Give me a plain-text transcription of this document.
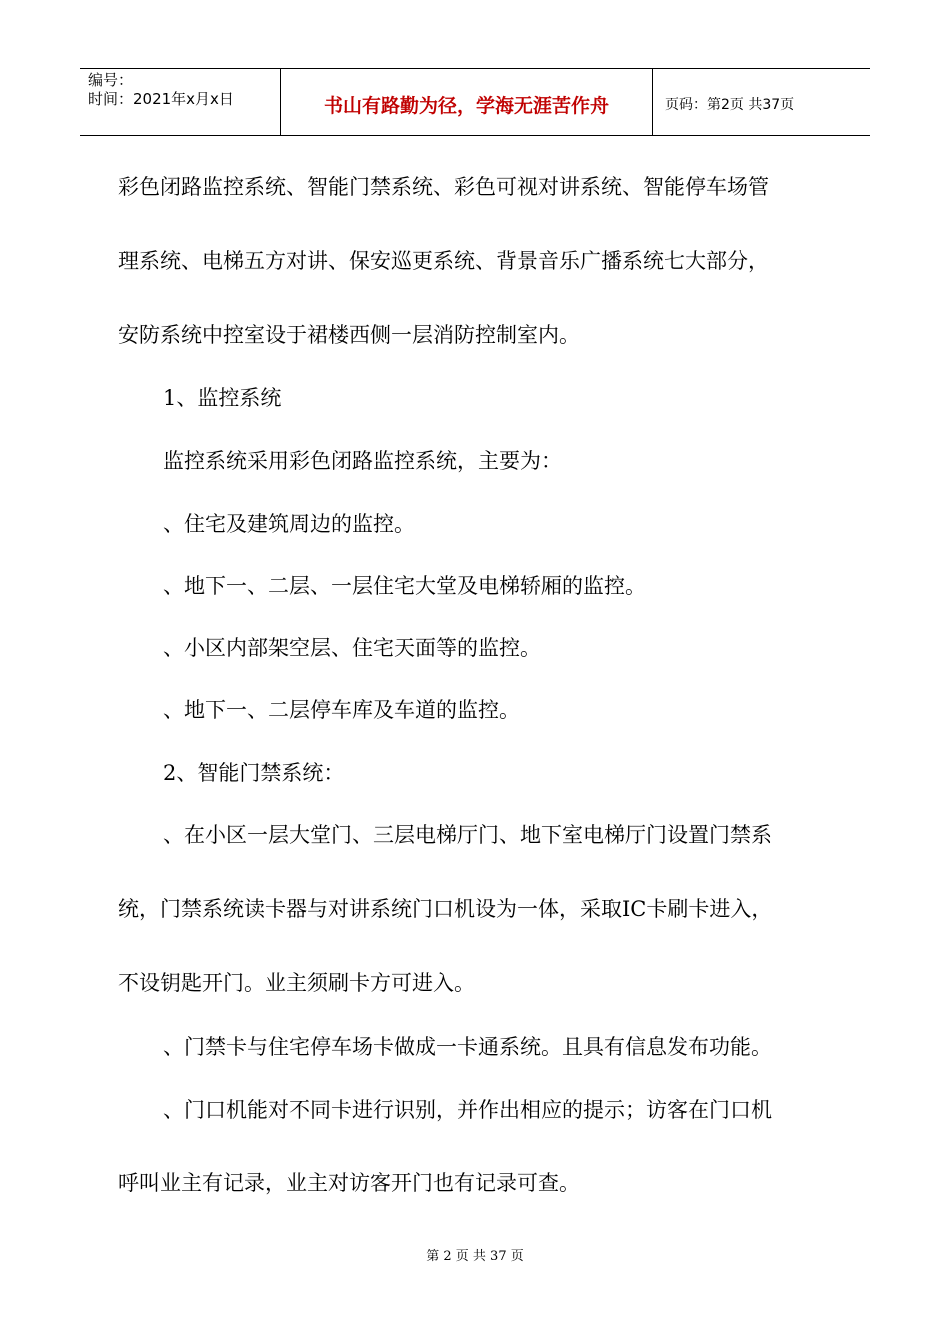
编号：
时间：2021年x月x日	书山有路勤为径，学海无涯苦作舟	页码：第2页 共37页
彩色闭路监控系统、智能门禁系统、彩色可视对讲系统、智能停车场管
理系统、电梯五方对讲、保安巡更系统、背景音乐广播系统七大部分，
安防系统中控室设于裙楼西侧一层消防控制室内。
1、监控系统
监控系统采用彩色闭路监控系统，主要为：
、住宅及建筑周边的监控。
、地下一、二层、一层住宅大堂及电梯轿厢的监控。
、小区内部架空层、住宅天面等的监控。
、地下一、二层停车库及车道的监控。
2、智能门禁系统：
、在小区一层大堂门、三层电梯厅门、地下室电梯厅门设置门禁系
统，门禁系统读卡器与对讲系统门口机设为一体，采取IC卡刷卡进入，
不设钥匙开门。业主须刷卡方可进入。
、门禁卡与住宅停车场卡做成一卡通系统。且具有信息发布功能。
、门口机能对不同卡进行识别，并作出相应的提示；访客在门口机
呼叫业主有记录，业主对访客开门也有记录可查。
第 2 页 共 37 页
